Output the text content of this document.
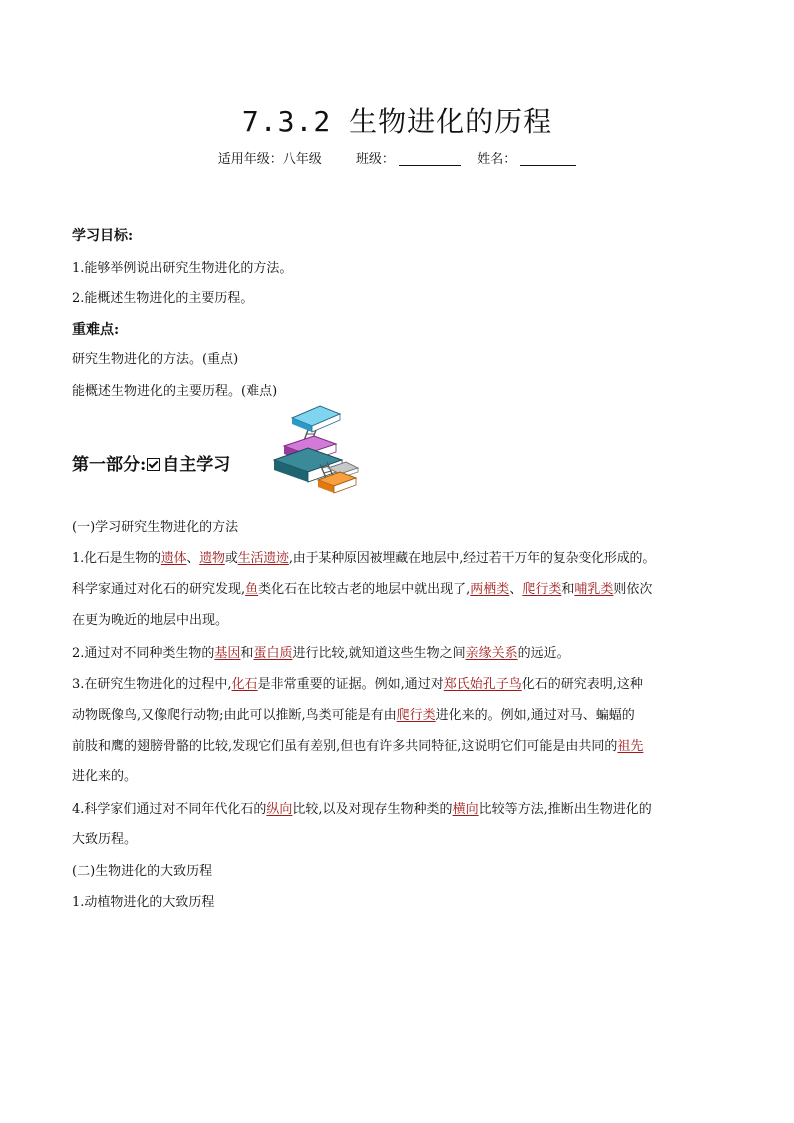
7.3.2 生物进化的历程
适用年级：八年级	班级：	姓名：
学习目标:
1.能够举例说出研究生物进化的方法。
2.能概述生物进化的主要历程。
重难点:
研究生物进化的方法。(重点)
能概述生物进化的主要历程。(难点)
第一部分: 自主学习
(一)学习研究生物进化的方法
1.化石是生物的遗体、遗物或生活遗迹,由于某种原因被埋藏在地层中,经过若干万年的复杂变化形成的。
科学家通过对化石的研究发现,鱼类化石在比较古老的地层中就出现了,两栖类、爬行类和哺乳类则依次
在更为晚近的地层中出现。
2.通过对不同种类生物的基因和蛋白质进行比较,就知道这些生物之间亲缘关系的远近。
3.在研究生物进化的过程中,化石是非常重要的证据。例如,通过对郑氏始孔子鸟化石的研究表明,这种
动物既像鸟,又像爬行动物;由此可以推断,鸟类可能是有由爬行类进化来的。例如,通过对马、蝙蝠的
前肢和鹰的翅膀骨骼的比较,发现它们虽有差别,但也有许多共同特征,这说明它们可能是由共同的祖先
进化来的。
4.科学家们通过对不同年代化石的纵向比较,以及对现存生物种类的横向比较等方法,推断出生物进化的
大致历程。
(二)生物进化的大致历程
1.动植物进化的大致历程
